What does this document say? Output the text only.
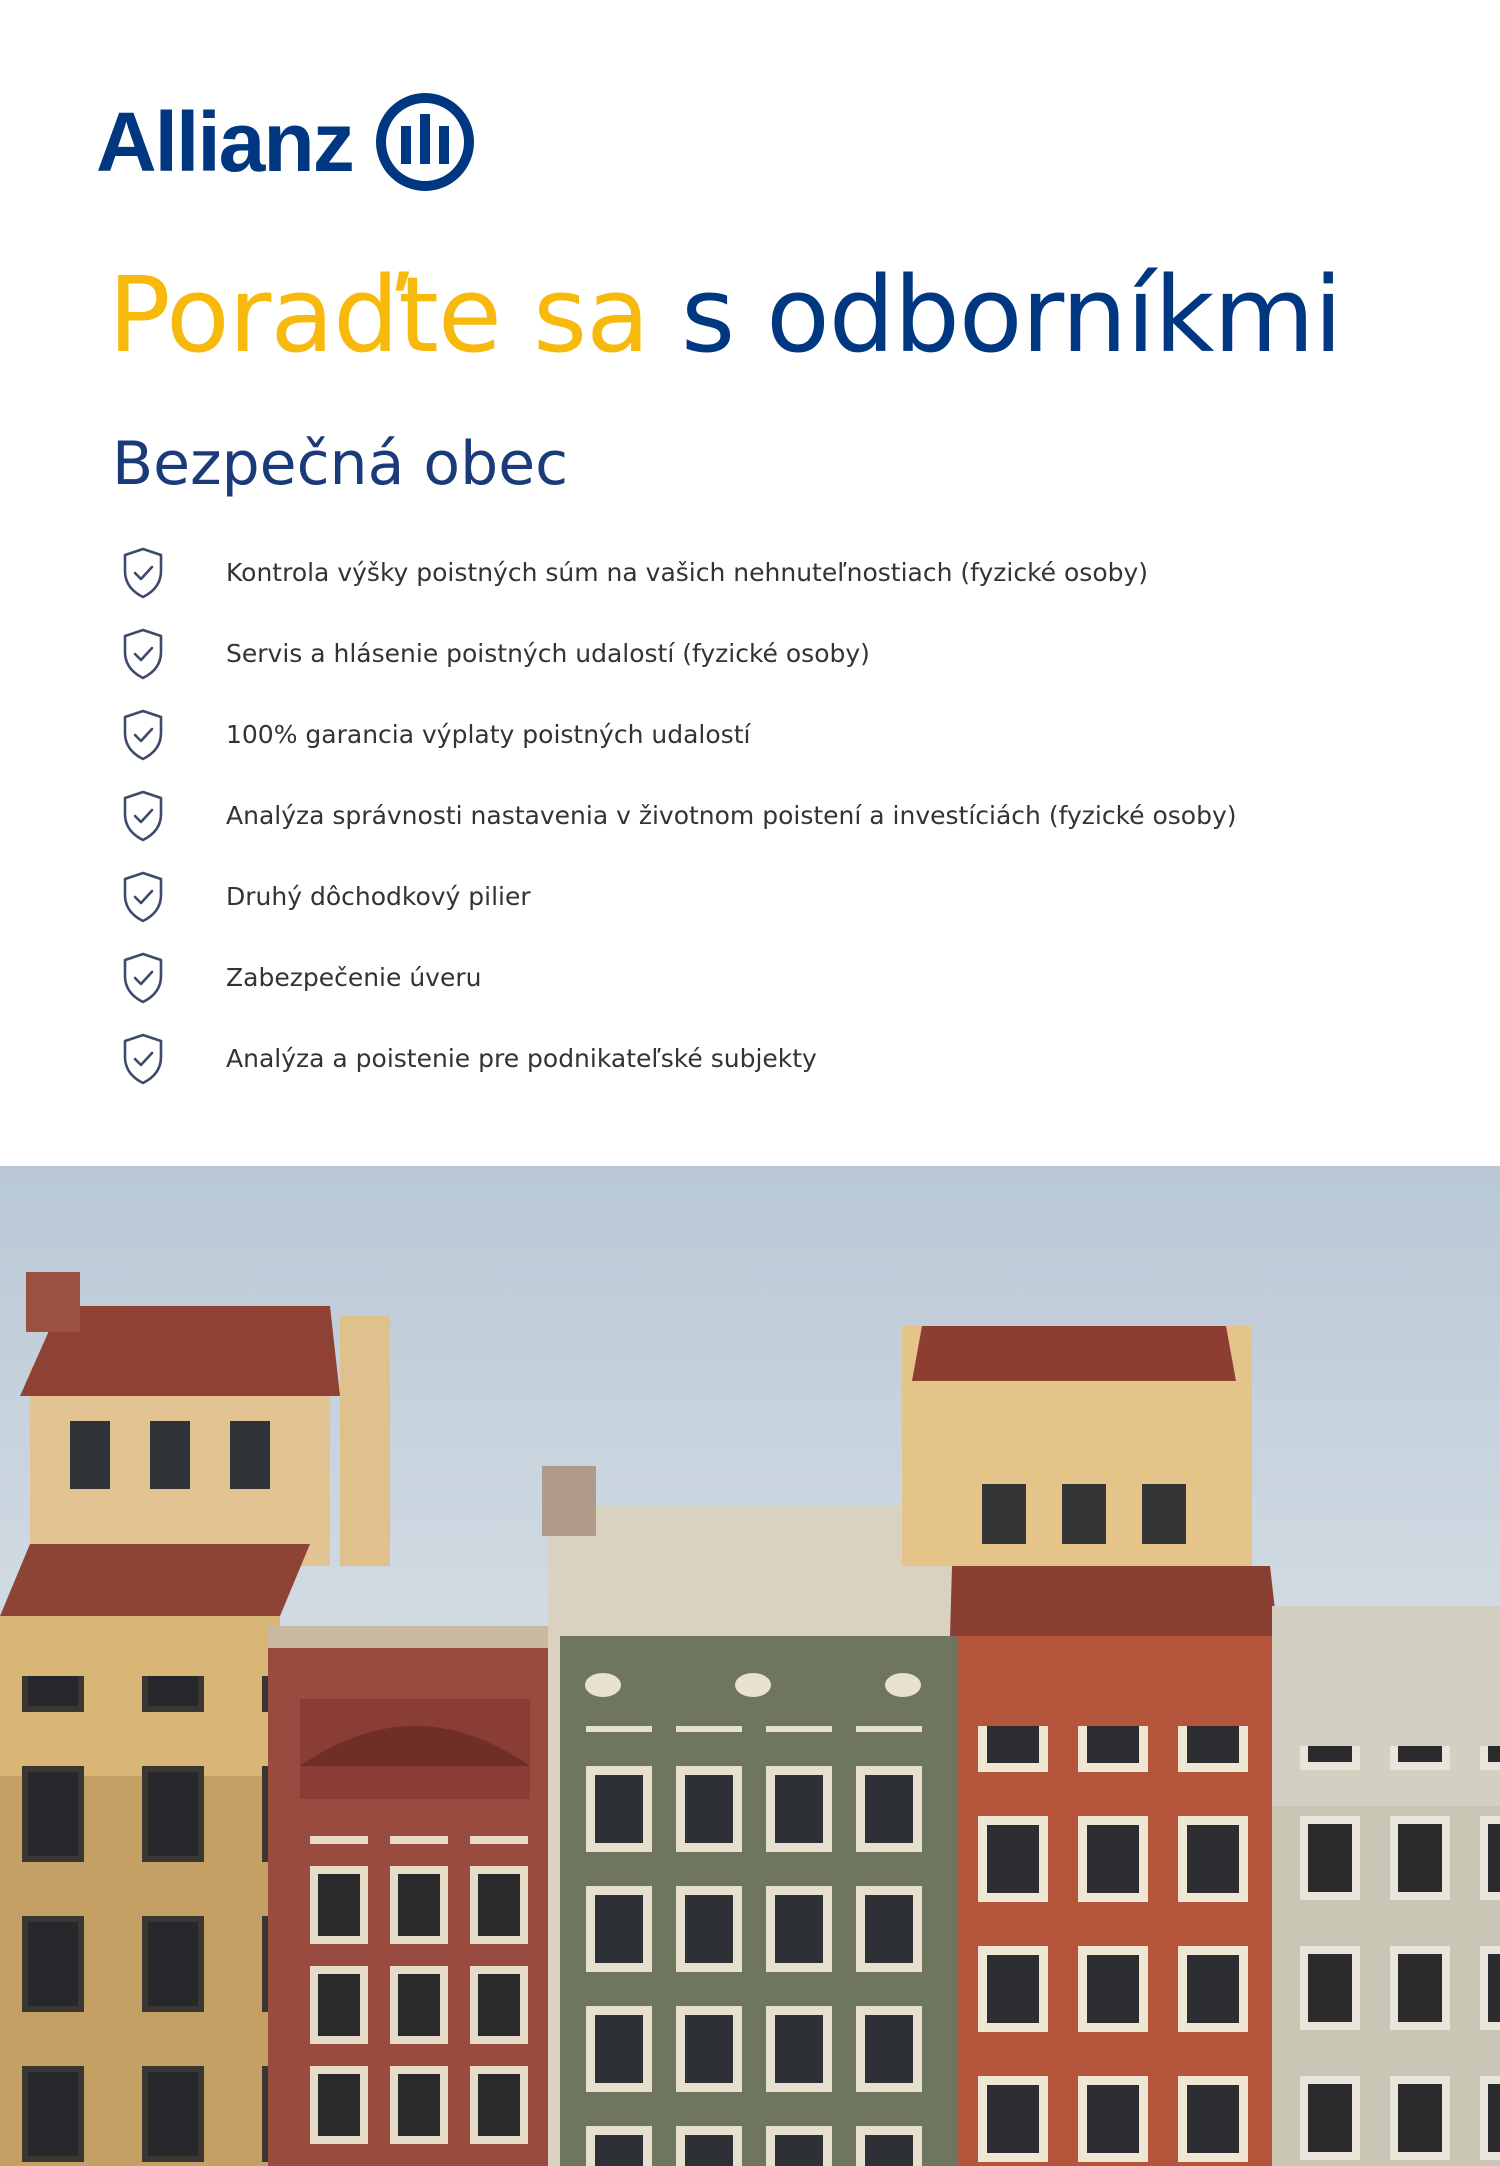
Allianz
Poraďte sa s odborníkmi
Bezpečná obec
Kontrola výšky poistných súm na vašich nehnuteľnostiach (fyzické osoby)
Servis a hlásenie poistných udalostí (fyzické osoby)
100% garancia výplaty poistných udalostí
Analýza správnosti nastavenia v životnom poistení a investíciách (fyzické osoby)
Druhý dôchodkový pilier
Zabezpečenie úveru
Analýza a poistenie pre podnikateľské subjekty
